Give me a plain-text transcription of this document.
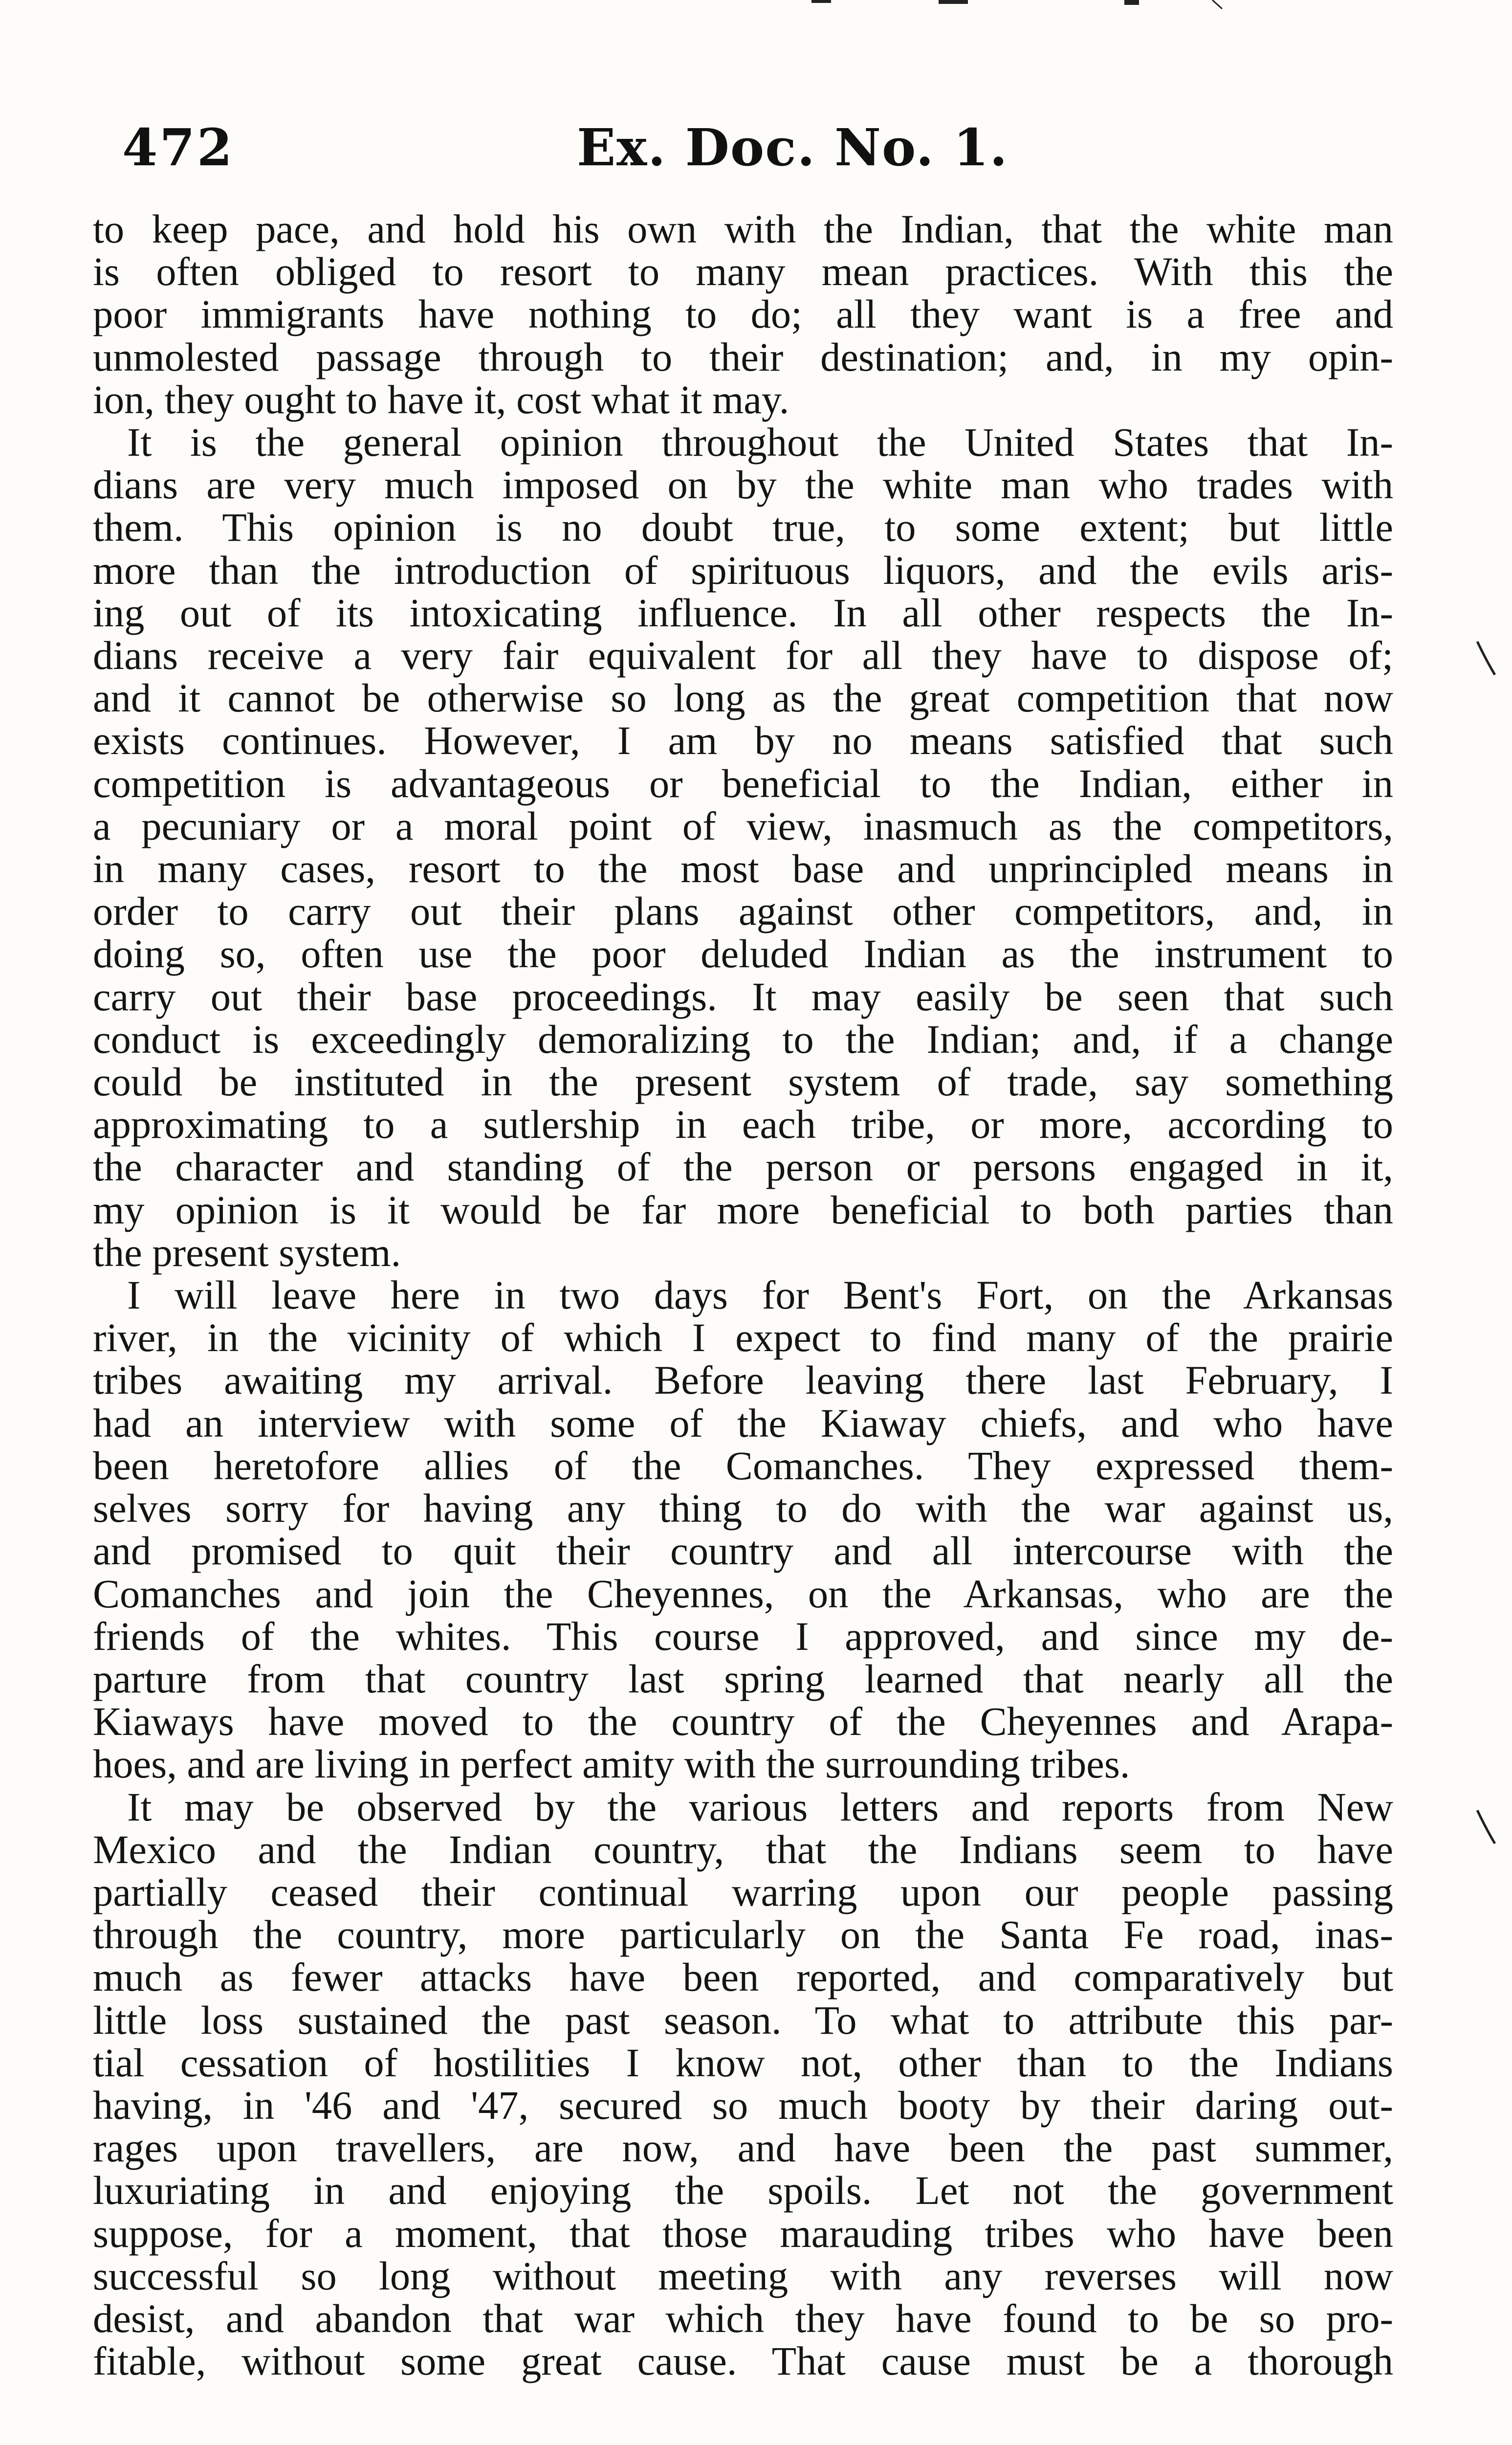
472	Ex. Doc. No. 1.
to keep pace, and hold his own with the Indian, that the white man
is often obliged to resort to many mean practices. With this the
poor immigrants have nothing to do; all they want is a free and
unmolested passage through to their destination; and, in my opin-
ion, they ought to have it, cost what it may.
It is the general opinion throughout the United States that In-
dians are very much imposed on by the white man who trades with
them. This opinion is no doubt true, to some extent; but little
more than the introduction of spirituous liquors, and the evils aris-
ing out of its intoxicating influence. In all other respects the In-
dians receive a very fair equivalent for all they have to dispose of;
and it cannot be otherwise so long as the great competition that now
exists continues. However, I am by no means satisfied that such
competition is advantageous or beneficial to the Indian, either in
a pecuniary or a moral point of view, inasmuch as the competitors,
in many cases, resort to the most base and unprincipled means in
order to carry out their plans against other competitors, and, in
doing so, often use the poor deluded Indian as the instrument to
carry out their base proceedings. It may easily be seen that such
conduct is exceedingly demoralizing to the Indian; and, if a change
could be instituted in the present system of trade, say something
approximating to a sutlership in each tribe, or more, according to
the character and standing of the person or persons engaged in it,
my opinion is it would be far more beneficial to both parties than
the present system.
I will leave here in two days for Bent's Fort, on the Arkansas
river, in the vicinity of which I expect to find many of the prairie
tribes awaiting my arrival. Before leaving there last February, I
had an interview with some of the Kiaway chiefs, and who have
been heretofore allies of the Comanches. They expressed them-
selves sorry for having any thing to do with the war against us,
and promised to quit their country and all intercourse with the
Comanches and join the Cheyennes, on the Arkansas, who are the
friends of the whites. This course I approved, and since my de-
parture from that country last spring learned that nearly all the
Kiaways have moved to the country of the Cheyennes and Arapa-
hoes, and are living in perfect amity with the surrounding tribes.
It may be observed by the various letters and reports from New
Mexico and the Indian country, that the Indians seem to have
partially ceased their continual warring upon our people passing
through the country, more particularly on the Santa Fe road, inas-
much as fewer attacks have been reported, and comparatively but
little loss sustained the past season. To what to attribute this par-
tial cessation of hostilities I know not, other than to the Indians
having, in '46 and '47, secured so much booty by their daring out-
rages upon travellers, are now, and have been the past summer,
luxuriating in and enjoying the spoils. Let not the government
suppose, for a moment, that those marauding tribes who have been
successful so long without meeting with any reverses will now
desist, and abandon that war which they have found to be so pro-
fitable, without some great cause. That cause must be a thorough
